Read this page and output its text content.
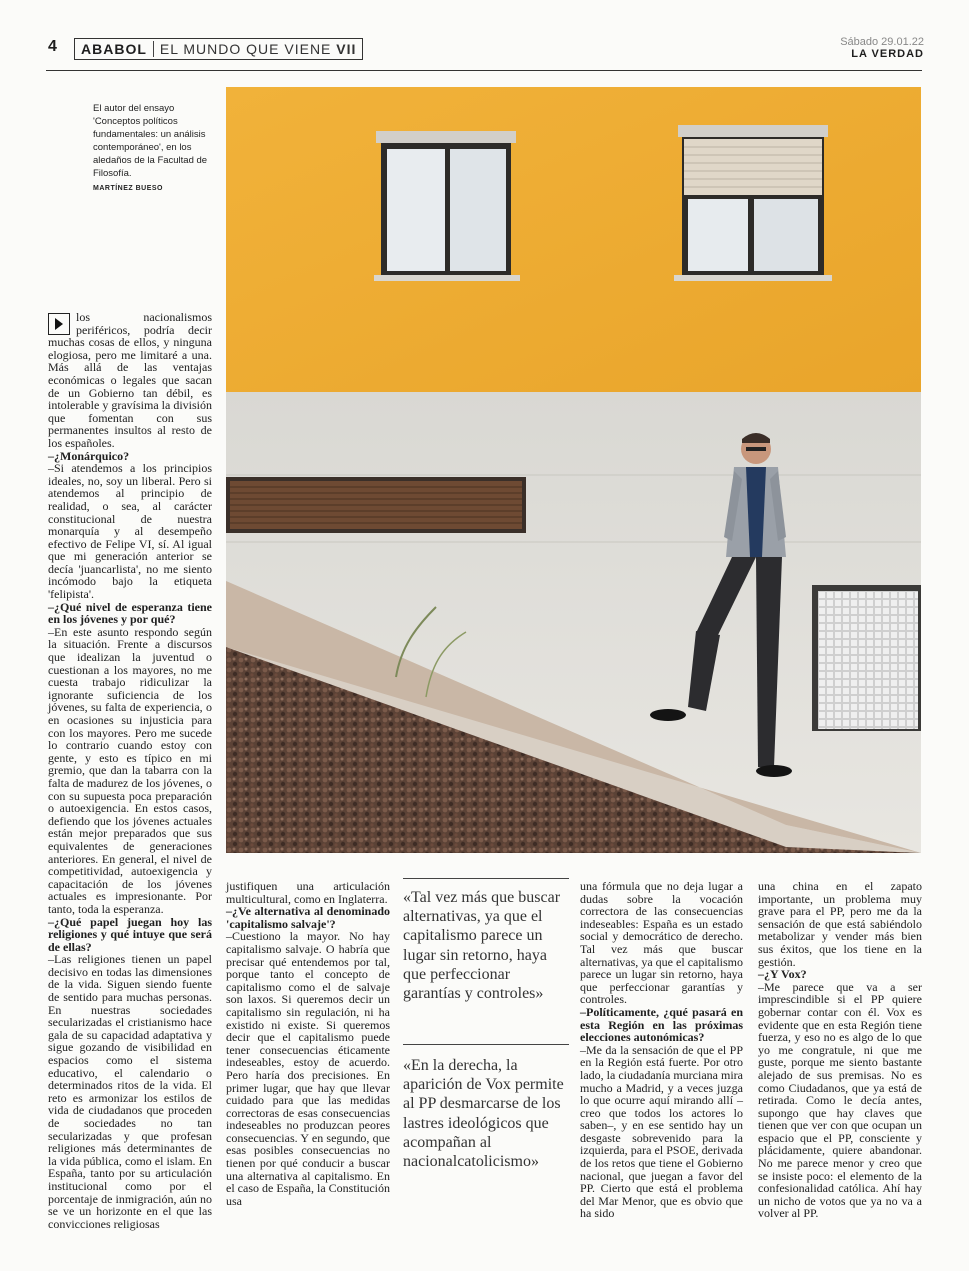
4 ABABOL EL MUNDO QUE VIENE VII	Sábado 29.01.22
LA VERDAD
El autor del ensayo 'Conceptos políticos fundamentales: un análisis contemporáneo', en los aledaños de la Facultad de Filosofía.
MARTÍNEZ BUESO

los nacionalismos periféricos, podría decir muchas cosas de ellos, y ninguna elogiosa, pero me limitaré a una. Más allá de las ventajas económicas o legales que sacan de un Gobierno tan débil, es intolerable y gravísima la división que fomentan con sus permanentes insultos al resto de los españoles.

–¿Monárquico?

–Si atendemos a los principios ideales, no, soy un liberal. Pero si atendemos al principio de realidad, o sea, al carácter constitucional de nuestra monarquía y al desempeño efectivo de Felipe VI, sí. Al igual que mi generación anterior se decía 'juancarlista', no me siento incómodo bajo la etiqueta 'felipista'.

–¿Qué nivel de esperanza tiene en los jóvenes y por qué?

–En este asunto respondo según la situación. Frente a discursos que idealizan la juventud o cuestionan a los mayores, no me cuesta trabajo ridiculizar la ignorante suficiencia de los jóvenes, su falta de experiencia, o en ocasiones su injusticia para con los mayores. Pero me sucede lo contrario cuando estoy con gente, y esto es típico en mi gremio, que dan la tabarra con la falta de madurez de los jóvenes, o con su supuesta poca preparación o autoexigencia. En estos casos, defiendo que los jóvenes actuales están mejor preparados que sus equivalentes de generaciones anteriores. En general, el nivel de competitividad, autoexigencia y capacitación de los jóvenes actuales es impresionante. Por tanto, toda la esperanza.

–¿Qué papel juegan hoy las religiones y qué intuye que será de ellas?

–Las religiones tienen un papel decisivo en todas las dimensiones de la vida. Siguen siendo fuente de sentido para muchas personas. En nuestras sociedades secularizadas el cristianismo hace gala de su capacidad adaptativa y sigue gozando de visibilidad en espacios como el sistema educativo, el calendario o determinados ritos de la vida. El reto es armonizar los estilos de vida de ciudadanos que proceden de sociedades no tan secularizadas y que profesan religiones más determinantes de la vida pública, como el islam. En España, tanto por su articulación institucional como por el porcentaje de inmigración, aún no se ve un horizonte en el que las convicciones religiosas

justifiquen una articulación multicultural, como en Inglaterra.

–¿Ve alternativa al denominado 'capitalismo salvaje'?

–Cuestiono la mayor. No hay capitalismo salvaje. O habría que precisar qué entendemos por tal, porque tanto el concepto de capitalismo como el de salvaje son laxos. Si queremos decir un capitalismo sin regulación, ni ha existido ni existe. Si queremos decir que el capitalismo puede tener consecuencias éticamente indeseables, estoy de acuerdo. Pero haría dos precisiones. En primer lugar, que hay que llevar cuidado para que las medidas correctoras de esas consecuencias indeseables no produzcan peores consecuencias. Y en segundo, que esas posibles consecuencias no tienen por qué conducir a buscar una alternativa al capitalismo. En el caso de España, la Constitución usa

«Tal vez más que buscar alternativas, ya que el capitalismo parece un lugar sin retorno, haya que perfeccionar garantías y controles»
«En la derecha, la aparición de Vox permite al PP desmarcarse de los lastres ideológicos que acompañan al nacionalcatolicismo»

una fórmula que no deja lugar a dudas sobre la vocación correctora de las consecuencias indeseables: España es un estado social y democrático de derecho. Tal vez más que buscar alternativas, ya que el capitalismo parece un lugar sin retorno, haya que perfeccionar garantías y controles.

–Políticamente, ¿qué pasará en esta Región en las próximas elecciones autonómicas?

–Me da la sensación de que el PP en la Región está fuerte. Por otro lado, la ciudadanía murciana mira mucho a Madrid, y a veces juzga lo que ocurre aquí mirando allí –creo que todos los actores lo saben–, y en ese sentido hay un desgaste sobrevenido para la izquierda, para el PSOE, derivada de los retos que tiene el Gobierno nacional, que juegan a favor del PP. Cierto que está el problema del Mar Menor, que es obvio que ha sido

una china en el zapato importante, un problema muy grave para el PP, pero me da la sensación de que está sabiéndolo metabolizar y vender más bien sus éxitos, que los tiene en la gestión.

–¿Y Vox?

–Me parece que va a ser imprescindible si el PP quiere gobernar contar con él. Vox es evidente que en esta Región tiene fuerza, y eso no es algo de lo que yo me congratule, ni que me guste, porque me siento bastante alejado de sus premisas. No es como Ciudadanos, que ya está de retirada. Como le decía antes, supongo que hay claves que tienen que ver con que ocupan un espacio que el PP, consciente y plácidamente, quiere abandonar. No me parece menor y creo que se insiste poco: el elemento de la confesionalidad católica. Ahí hay un nicho de votos que ya no va a volver al PP.
